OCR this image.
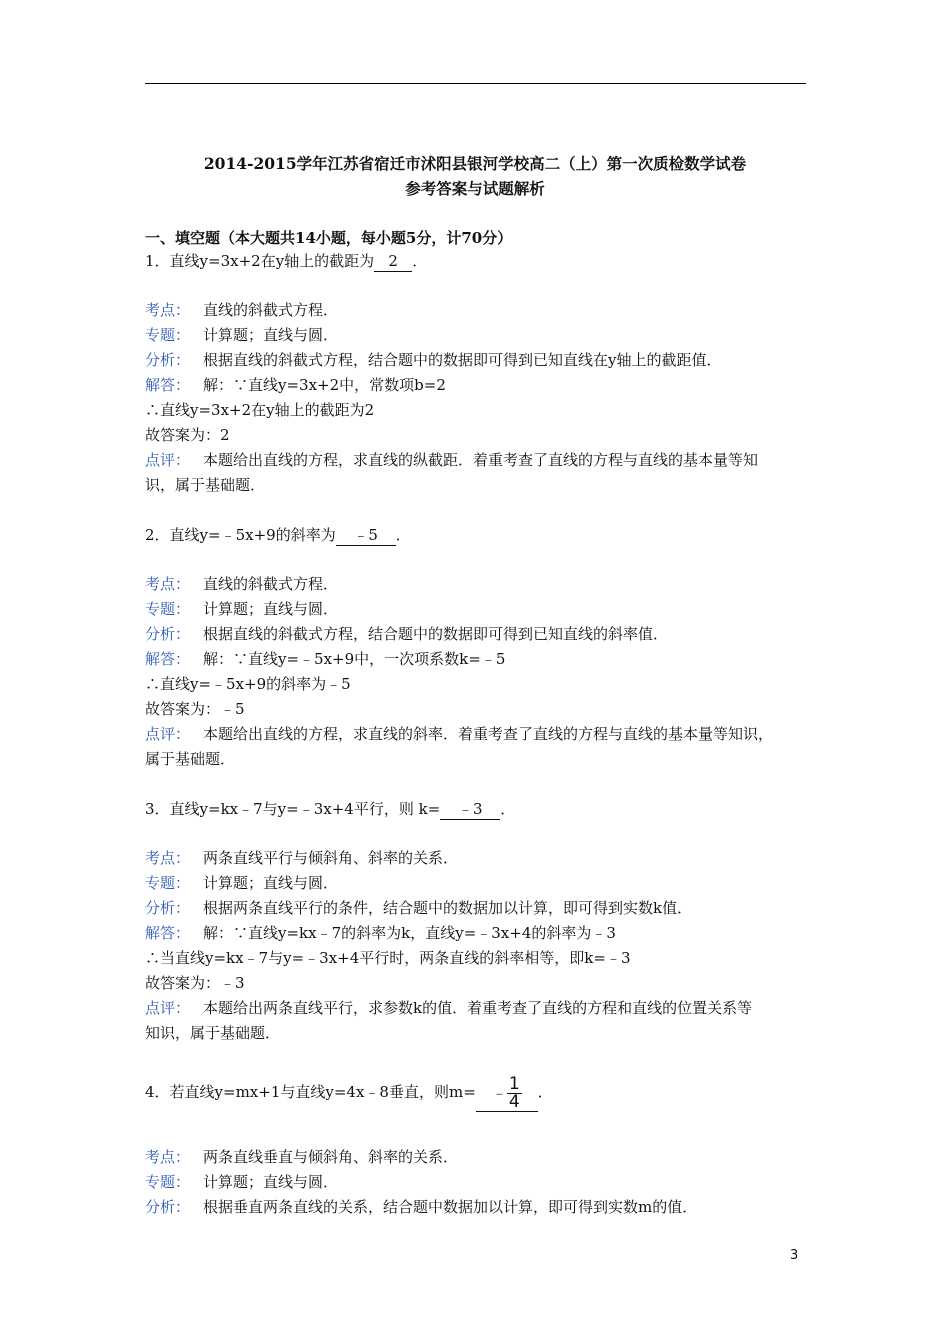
2014-2015学年江苏省宿迁市沭阳县银河学校高二（上）第一次质检数学试卷
参考答案与试题解析
一、填空题（本大题共14小题，每小题5分，计70分）
1．直线y=3x+2在y轴上的截距为 2 ．
考点： 直线的斜截式方程．
专题： 计算题；直线与圆．
分析： 根据直线的斜截式方程，结合题中的数据即可得到已知直线在y轴上的截距值．
解答： 解：∵直线y=3x+2中，常数项b=2
∴直线y=3x+2在y轴上的截距为2
故答案为：2
点评： 本题给出直线的方程，求直线的纵截距．着重考查了直线的方程与直线的基本量等知
识，属于基础题．
2．直线y=﹣5x+9的斜率为 ﹣5 ．
考点： 直线的斜截式方程．
专题： 计算题；直线与圆．
分析： 根据直线的斜截式方程，结合题中的数据即可得到已知直线的斜率值．
解答： 解：∵直线y=﹣5x+9中，一次项系数k=﹣5
∴直线y=﹣5x+9的斜率为﹣5
故答案为：﹣5
点评： 本题给出直线的方程，求直线的斜率．着重考查了直线的方程与直线的基本量等知识，
属于基础题．
3．直线y=kx﹣7与y=﹣3x+4平行，则 k= ﹣3 ．
考点： 两条直线平行与倾斜角、斜率的关系．
专题： 计算题；直线与圆．
分析： 根据两条直线平行的条件，结合题中的数据加以计算，即可得到实数k值．
解答： 解：∵直线y=kx﹣7的斜率为k，直线y=﹣3x+4的斜率为﹣3
∴当直线y=kx﹣7与y=﹣3x+4平行时，两条直线的斜率相等，即k=﹣3
故答案为：﹣3
点评： 本题给出两条直线平行，求参数k的值．着重考查了直线的方程和直线的位置关系等
知识，属于基础题．
4．若直线y=mx+1与直线y=4x﹣8垂直，则m= ﹣ $\frac{1}{4}$ ．
考点： 两条直线垂直与倾斜角、斜率的关系．
专题： 计算题；直线与圆．
分析： 根据垂直两条直线的关系，结合题中数据加以计算，即可得到实数m的值．
3
